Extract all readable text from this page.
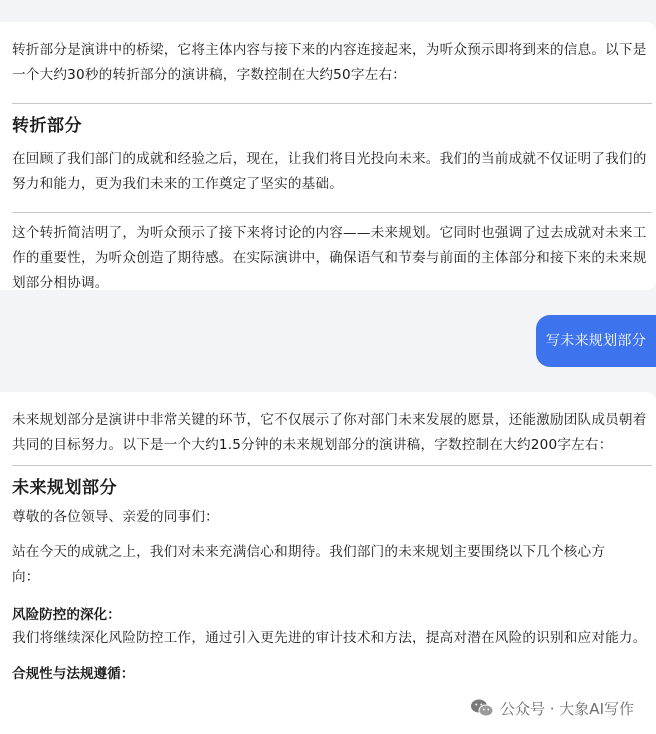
转折部分是演讲中的桥梁，它将主体内容与接下来的内容连接起来，为听众预示即将到来的信息。以下是一个大约30秒的转折部分的演讲稿，字数控制在大约50字左右：

转折部分

在回顾了我们部门的成就和经验之后，现在，让我们将目光投向未来。我们的当前成就不仅证明了我们的努力和能力，更为我们未来的工作奠定了坚实的基础。

这个转折简洁明了，为听众预示了接下来将讨论的内容——未来规划。它同时也强调了过去成就对未来工作的重要性，为听众创造了期待感。在实际演讲中，确保语气和节奏与前面的主体部分和接下来的未来规划部分相协调。

写未来规划部分

未来规划部分是演讲中非常关键的环节，它不仅展示了你对部门未来发展的愿景，还能激励团队成员朝着共同的目标努力。以下是一个大约1.5分钟的未来规划部分的演讲稿，字数控制在大约200字左右：

未来规划部分

尊敬的各位领导、亲爱的同事们：

站在今天的成就之上，我们对未来充满信心和期待。我们部门的未来规划主要围绕以下几个核心方向：

风险防控的深化：

我们将继续深化风险防控工作，通过引入更先进的审计技术和方法，提高对潜在风险的识别和应对能力。

合规性与法规遵循：
公众号 · 大象AI写作
